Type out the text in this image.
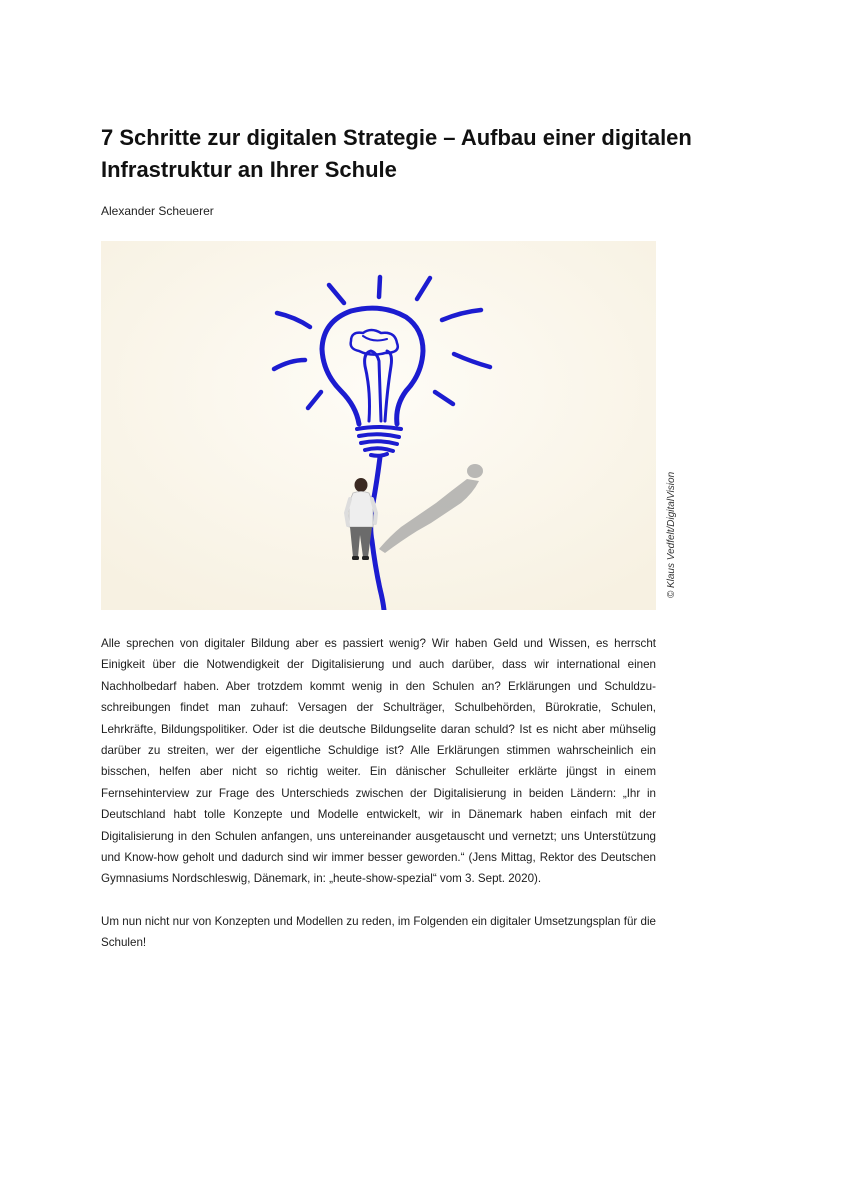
7 Schritte zur digitalen Strategie – Aufbau einer digitalen Infrastruktur an Ihrer Schule
Alexander Scheuerer
© Klaus Vedfelt/DigitalVision

Alle sprechen von digitaler Bildung aber es passiert wenig? Wir haben Geld und Wissen, es herrscht Einigkeit über die Notwendigkeit der Digitalisierung und auch darüber, dass wir international einen Nachholbedarf haben. Aber trotzdem kommt wenig in den Schulen an? Erklärungen und Schuldzuschreibungen findet man zuhauf: Versagen der Schulträger, Schulbehörden, Bürokratie, Schulen, Lehrkräfte, Bildungspolitiker. Oder ist die deutsche Bildungselite daran schuld? Ist es nicht aber mühselig darüber zu streiten, wer der eigentliche Schuldige ist? Alle Erklärungen stimmen wahrscheinlich ein bisschen, helfen aber nicht so richtig weiter. Ein dänischer Schulleiter erklärte jüngst in einem Fernsehinterview zur Frage des Unterschieds zwischen der Digitalisierung in beiden Ländern: „Ihr in Deutschland habt tolle Konzepte und Modelle entwickelt, wir in Dänemark haben einfach mit der Digitalisierung in den Schulen anfangen, uns untereinander ausgetauscht und vernetzt; uns Unterstützung und Know-how geholt und dadurch sind wir immer besser geworden.“ (Jens Mittag, Rektor des Deutschen Gymnasiums Nordschleswig, Dänemark, in: „heute-show-spezial“ vom 3. Sept. 2020).

Um nun nicht nur von Konzepten und Modellen zu reden, im Folgenden ein digitaler Umsetzungsplan für die Schulen!
